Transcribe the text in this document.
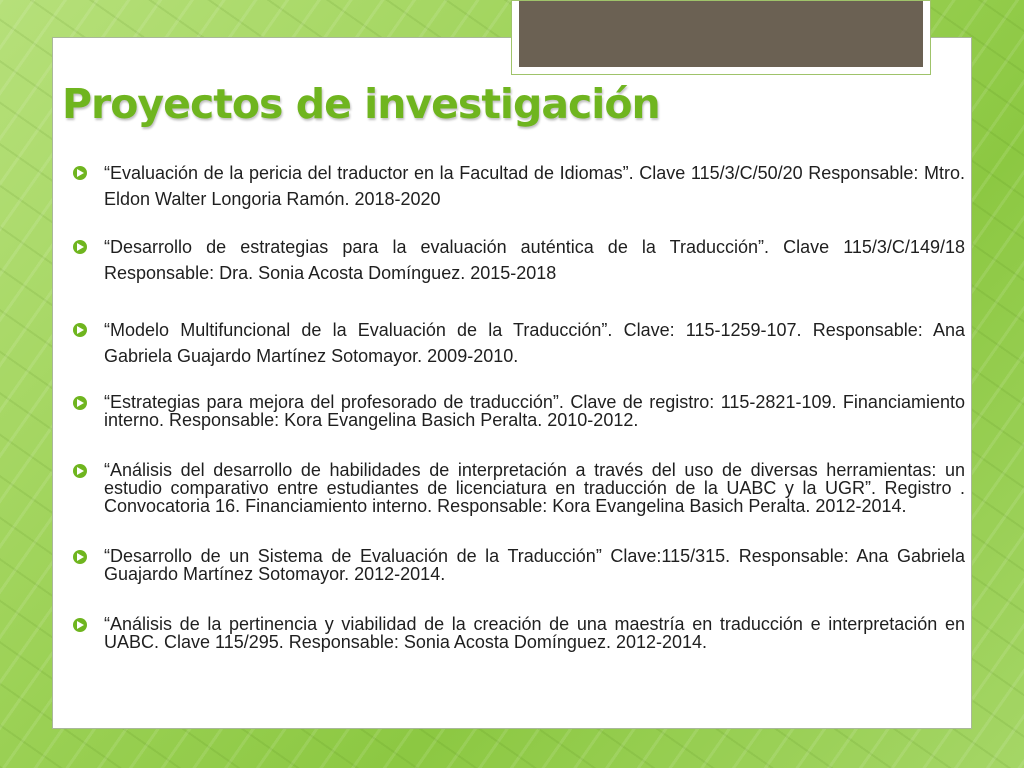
Proyectos de investigación
“Evaluación de la pericia del traductor en la Facultad de Idiomas”. Clave 115/3/C/50/20 Responsable: Mtro. Eldon Walter Longoria Ramón. 2018-2020
“Desarrollo de estrategias para la evaluación auténtica de la Traducción”. Clave 115/3/C/149/18 Responsable: Dra. Sonia Acosta Domínguez. 2015-2018
“Modelo Multifuncional de la Evaluación de la Traducción”. Clave: 115-1259-107. Responsable: Ana Gabriela Guajardo Martínez Sotomayor. 2009-2010.
“Estrategias para mejora del profesorado de traducción”. Clave de registro: 115-2821-109. Financiamiento interno. Responsable: Kora Evangelina Basich Peralta. 2010-2012.
“Análisis del desarrollo de habilidades de interpretación a través del uso de diversas herramientas: un estudio comparativo entre estudiantes de licenciatura en traducción de la UABC y la UGR”. Registro . Convocatoria 16. Financiamiento interno. Responsable: Kora Evangelina Basich Peralta. 2012-2014.
“Desarrollo de un Sistema de Evaluación de la Traducción” Clave:115/315. Responsable: Ana Gabriela Guajardo Martínez Sotomayor. 2012-2014.
“Análisis de la pertinencia y viabilidad de la creación de una maestría en traducción e interpretación en UABC. Clave 115/295. Responsable: Sonia Acosta Domínguez. 2012-2014.
